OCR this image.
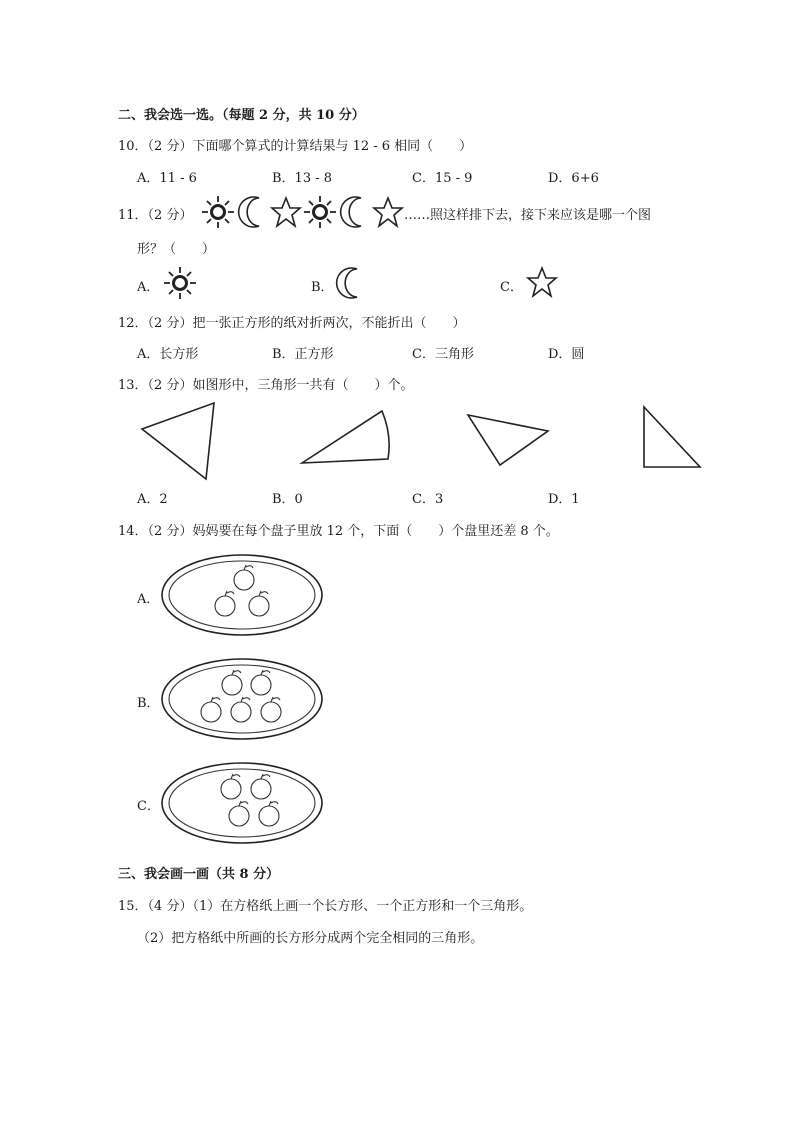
二、我会选一选。（每题 2 分，共 10 分）
10．（2 分）下面哪个算式的计算结果与 12 - 6 相同（　　）
A．11 - 6	B．13 - 8	C．15 - 9	D．6+6
11．（2 分）	……照这样排下去，接下来应该是哪一个图
形？（　　）
A．	B．	C．
12．（2 分）把一张正方形的纸对折两次，不能折出（　　）
A．长方形	B．正方形	C．三角形	D．圆
13．（2 分）如图形中，三角形一共有（　　）个。
A．2	B．0	C．3	D．1
14．（2 分）妈妈要在每个盘子里放 12 个，下面（　　）个盘里还差 8 个。
A．
B．
C．
三、我会画一画（共 8 分）
15．（4 分）（1）在方格纸上画一个长方形、一个正方形和一个三角形。
（2）把方格纸中所画的长方形分成两个完全相同的三角形。
